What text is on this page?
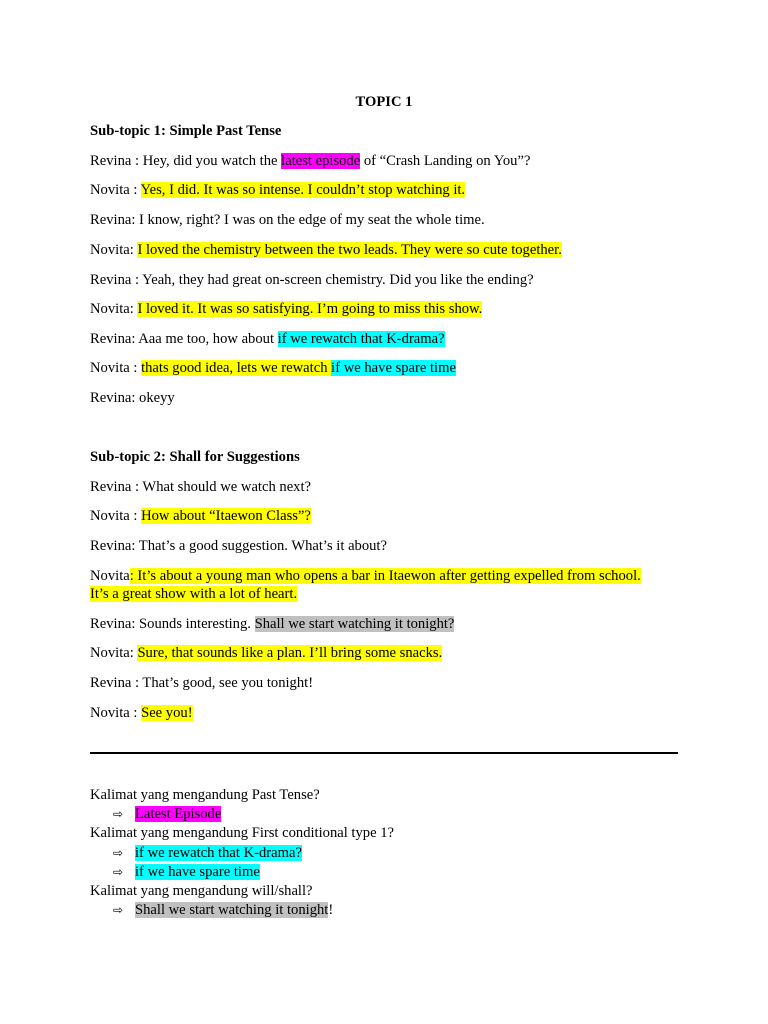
TOPIC 1
Sub-topic 1: Simple Past Tense
Revina : Hey, did you watch the latest episode of “Crash Landing on You”?
Novita : Yes, I did. It was so intense. I couldn’t stop watching it.
Revina: I know, right? I was on the edge of my seat the whole time.
Novita: I loved the chemistry between the two leads. They were so cute together.
Revina : Yeah, they had great on-screen chemistry. Did you like the ending?
Novita: I loved it. It was so satisfying. I’m going to miss this show.
Revina: Aaa me too, how about if we rewatch that K-drama?
Novita : thats good idea, lets we rewatch if we have spare time
Revina: okeyy
Sub-topic 2: Shall for Suggestions
Revina : What should we watch next?
Novita : How about “Itaewon Class”?
Revina: That’s a good suggestion. What’s it about?
Novita: It’s about a young man who opens a bar in Itaewon after getting expelled from school.
It’s a great show with a lot of heart.
Revina: Sounds interesting. Shall we start watching it tonight?
Novita: Sure, that sounds like a plan. I’ll bring some snacks.
Revina : That’s good, see you tonight!
Novita : See you!
Kalimat yang mengandung Past Tense?
⇨ Latest Episode
Kalimat yang mengandung First conditional type 1?
⇨ if we rewatch that K-drama?
⇨ if we have spare time
Kalimat yang mengandung will/shall?
⇨ Shall we start watching it tonight!
